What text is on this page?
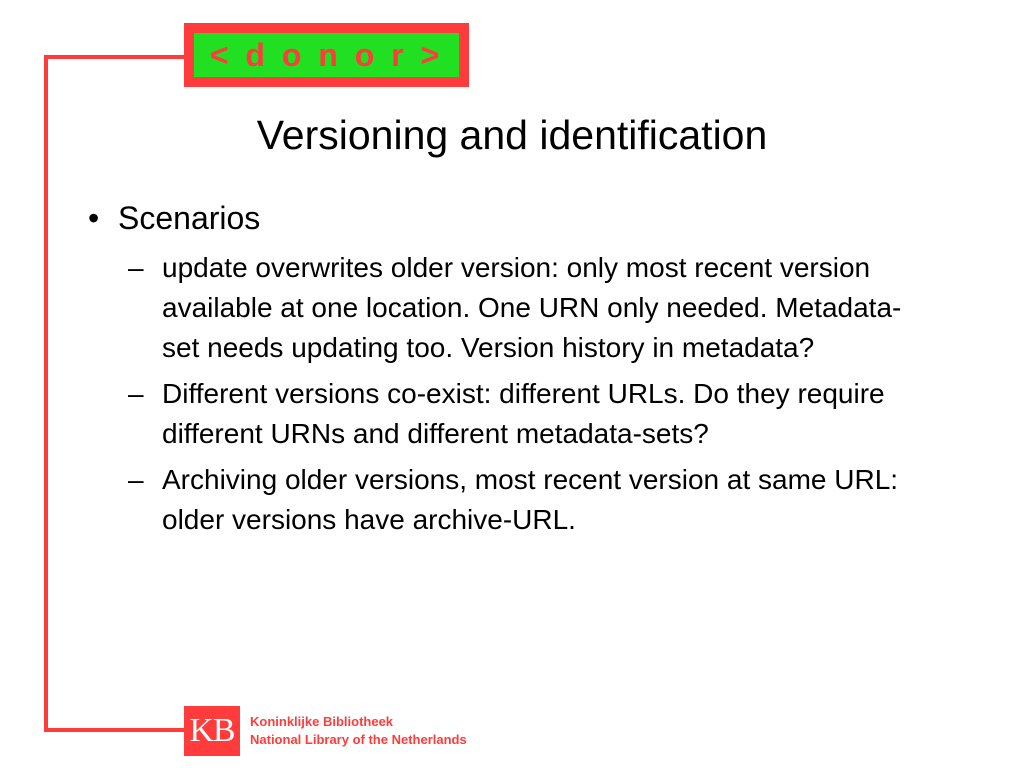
< d o n o r >
Versioning and identification
• Scenarios
– update overwrites older version: only most recent version available at one location. One URN only needed. Metadata-set needs updating too. Version history in metadata?
– Different versions co-exist: different URLs. Do they require different URNs and different metadata-sets?
– Archiving older versions, most recent version at same URL: older versions have archive-URL.
KB Koninklijke Bibliotheek
National Library of the Netherlands
